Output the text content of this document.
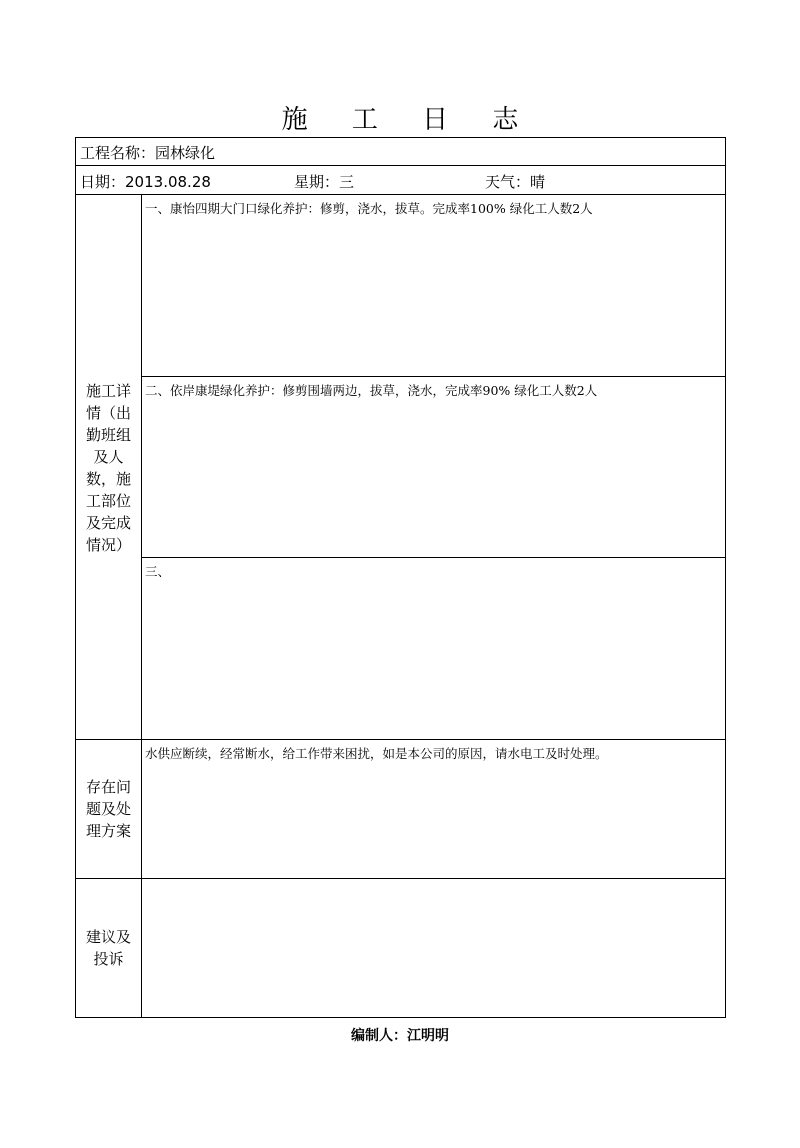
施 工 日 志
工程名称：园林绿化
日期：2013.08.28	星期：三	天气：晴
施工详情（出勤班组及人数，施工部位及完成情况）
一、康怡四期大门口绿化养护：修剪，浇水，拔草。完成率100% 绿化工人数2人
二、依岸康堤绿化养护：修剪围墙两边，拔草，浇水，完成率90% 绿化工人数2人
三、
存在问题及处理方案
水供应断续，经常断水，给工作带来困扰，如是本公司的原因，请水电工及时处理。
建议及投诉
编制人：江明明
